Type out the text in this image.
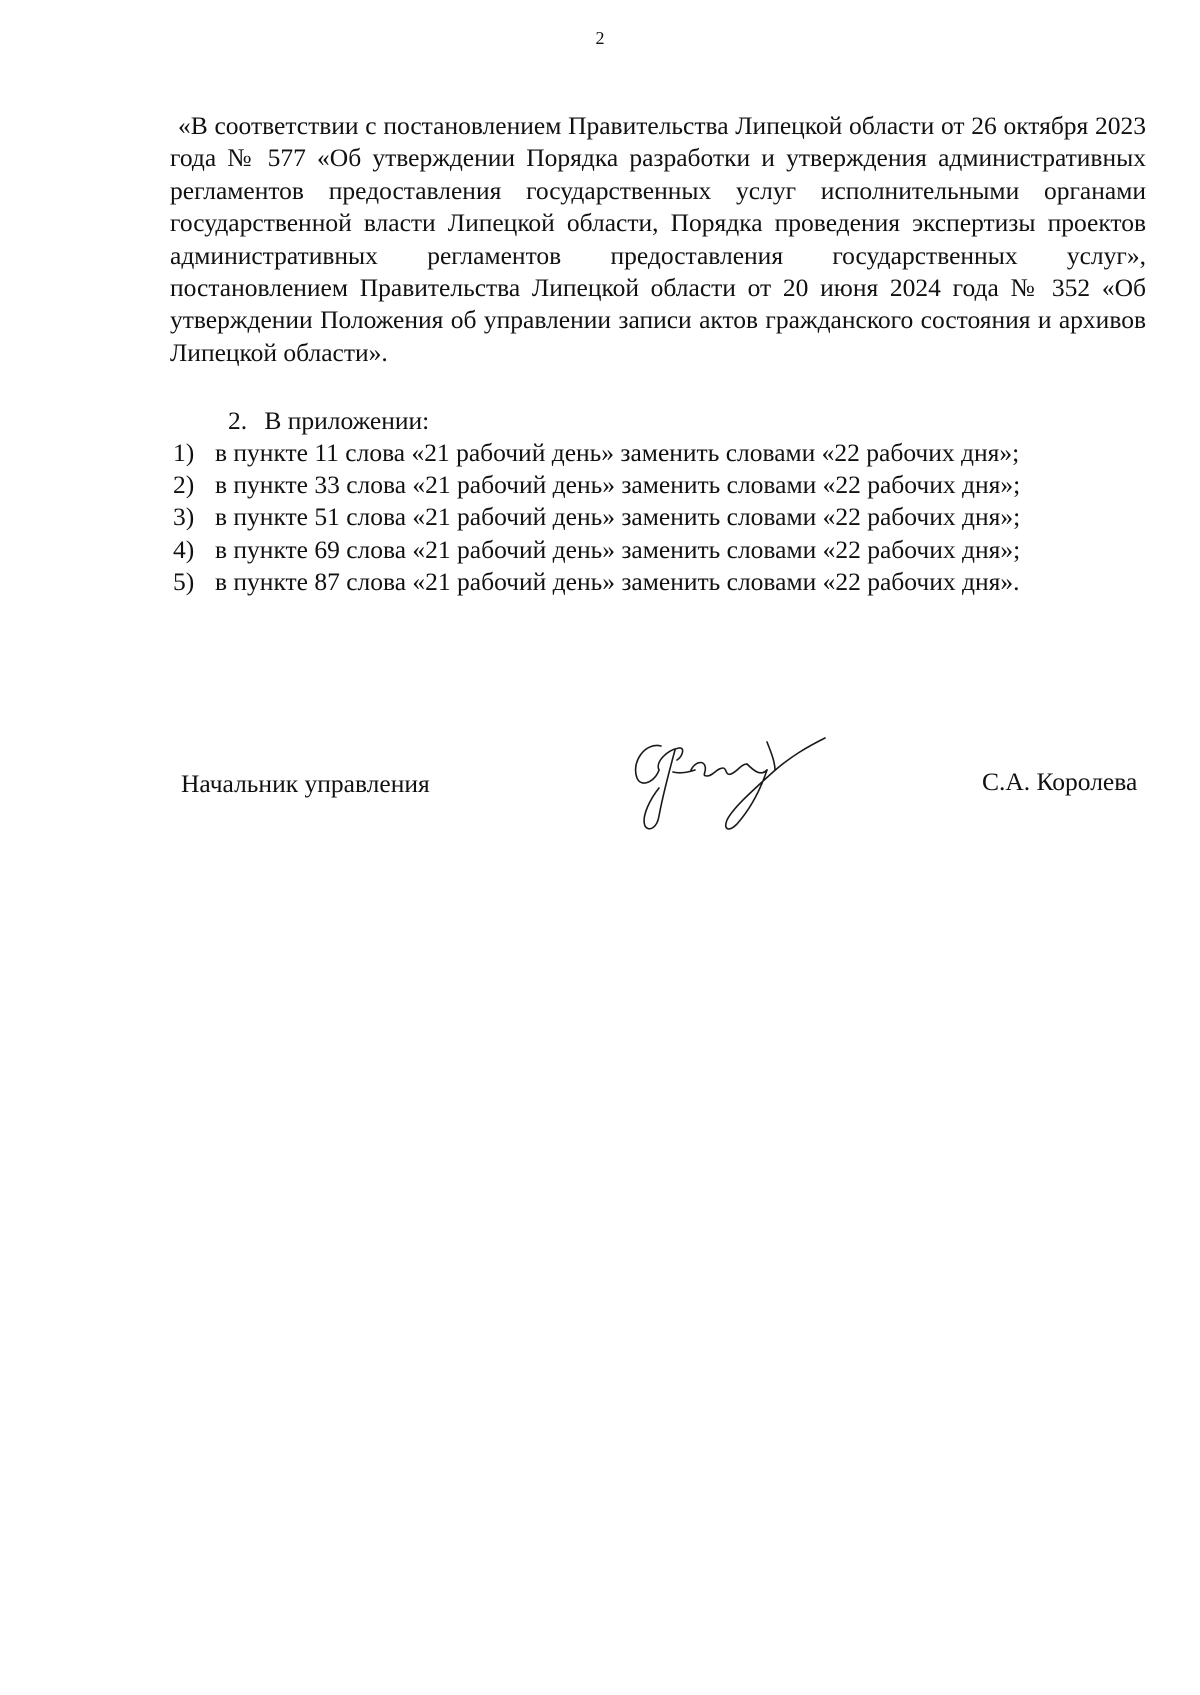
2

«В соответствии с постановлением Правительства Липецкой области от 26 октября 2023 года № 577 «Об утверждении Порядка разработки и утверждения административных регламентов предоставления государственных услуг исполнительными органами государственной власти Липецкой области, Порядка проведения экспертизы проектов административных регламентов предоставления государственных услуг», постановлением Правительства Липецкой области от 20 июня 2024 года № 352 «Об утверждении Положения об управлении записи актов гражданского состояния и архивов Липецкой области».

2. В приложении:

1) в пункте 11 слова «21 рабочий день» заменить словами «22 рабочих дня»;
2) в пункте 33 слова «21 рабочий день» заменить словами «22 рабочих дня»;
3) в пункте 51 слова «21 рабочий день» заменить словами «22 рабочих дня»;
4) в пункте 69 слова «21 рабочий день» заменить словами «22 рабочих дня»;
5) в пункте 87 слова «21 рабочий день» заменить словами «22 рабочих дня».
Начальник управления	С.А. Королева
